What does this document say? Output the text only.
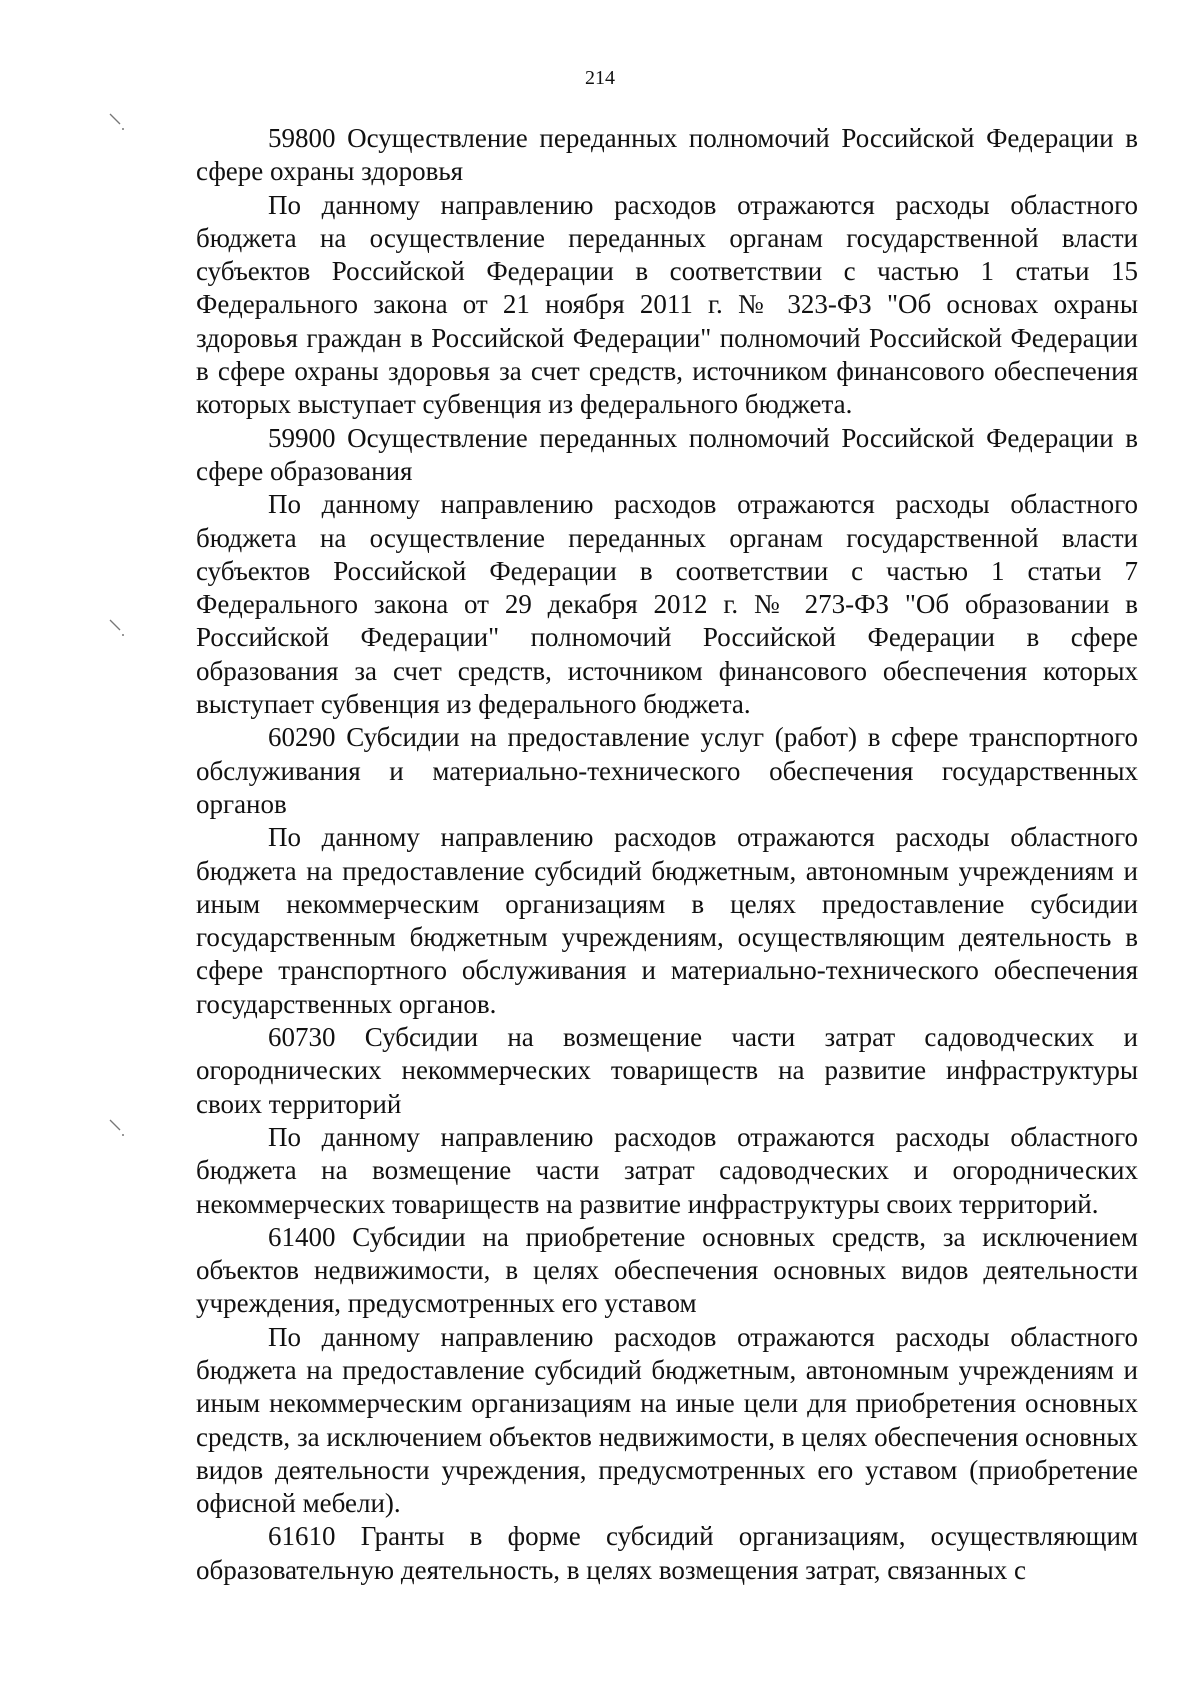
214

59800 Осуществление переданных полномочий Российской Федерации в сфере охраны здоровья

По данному направлению расходов отражаются расходы областного бюджета на осуществление переданных органам государственной власти субъектов Российской Федерации в соответствии с частью 1 статьи 15 Федерального закона от 21 ноября 2011 г. № 323-ФЗ "Об основах охраны здоровья граждан в Российской Федерации" полномочий Российской Федерации в сфере охраны здоровья за счет средств, источником финансового обеспечения которых выступает субвенция из федерального бюджета.

59900 Осуществление переданных полномочий Российской Федерации в сфере образования

По данному направлению расходов отражаются расходы областного бюджета на осуществление переданных органам государственной власти субъектов Российской Федерации в соответствии с частью 1 статьи 7 Федерального закона от 29 декабря 2012 г. № 273-ФЗ "Об образовании в Российской Федерации" полномочий Российской Федерации в сфере образования за счет средств, источником финансового обеспечения которых выступает субвенция из федерального бюджета.

60290 Субсидии на предоставление услуг (работ) в сфере транспортного обслуживания и материально-технического обеспечения государственных органов

По данному направлению расходов отражаются расходы областного бюджета на предоставление субсидий бюджетным, автономным учреждениям и иным некоммерческим организациям в целях предоставление субсидии государственным бюджетным учреждениям, осуществляющим деятельность в сфере транспортного обслуживания и материально-технического обеспечения государственных органов.

60730 Субсидии на возмещение части затрат садоводческих и огороднических некоммерческих товариществ на развитие инфраструктуры своих территорий

По данному направлению расходов отражаются расходы областного бюджета на возмещение части затрат садоводческих и огороднических некоммерческих товариществ на развитие инфраструктуры своих территорий.

61400 Субсидии на приобретение основных средств, за исключением объектов недвижимости, в целях обеспечения основных видов деятельности учреждения, предусмотренных его уставом

По данному направлению расходов отражаются расходы областного бюджета на предоставление субсидий бюджетным, автономным учреждениям и иным некоммерческим организациям на иные цели для приобретения основных средств, за исключением объектов недвижимости, в целях обеспечения основных видов деятельности учреждения, предусмотренных его уставом (приобретение офисной мебели).

61610 Гранты в форме субсидий организациям, осуществляющим образовательную деятельность, в целях возмещения затрат, связанных с
